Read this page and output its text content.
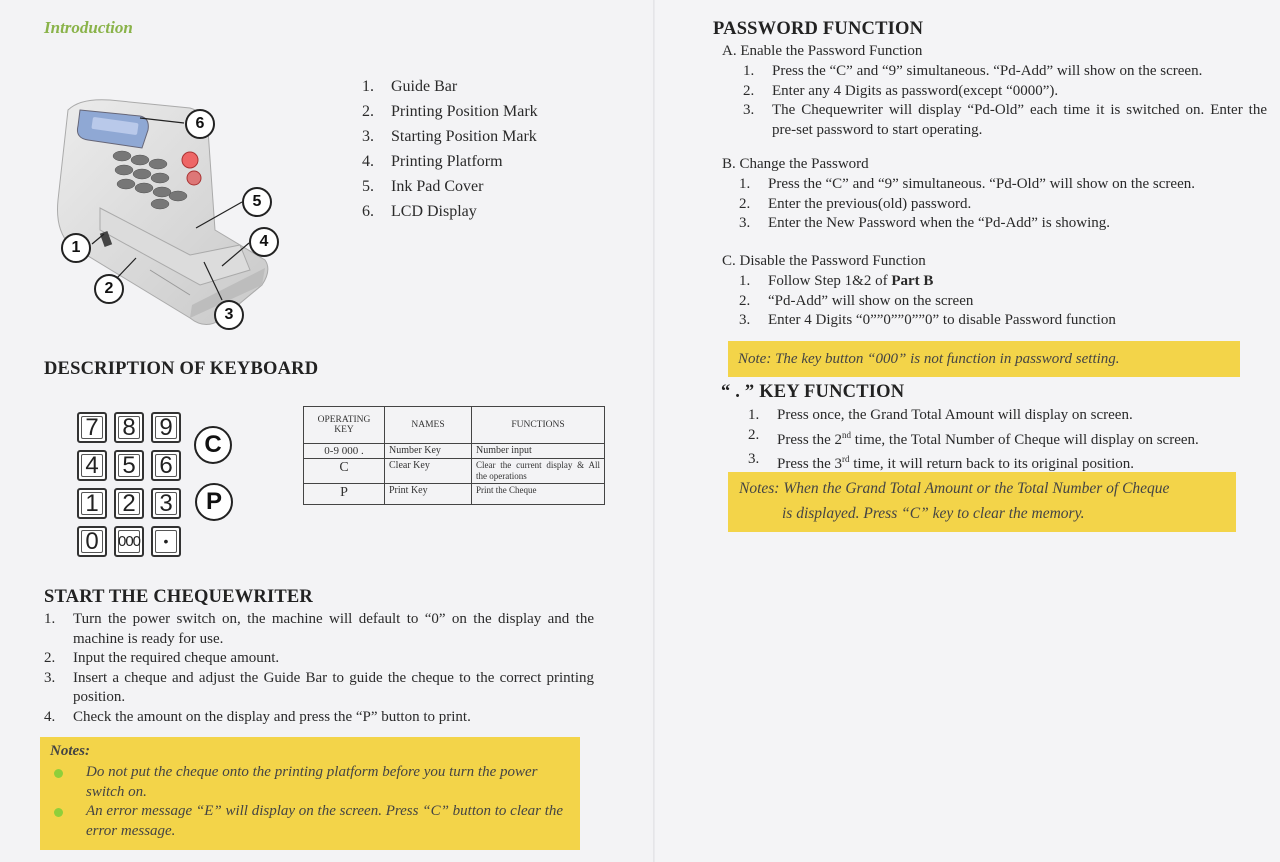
Introduction
6
5
4
1
2
3
1. Guide Bar
2. Printing Position Mark
3. Starting Position Mark
4. Printing Platform
5. Ink Pad Cover
6. LCD Display
DESCRIPTION OF KEYBOARD
7 8 9
4 5 6
1 2 3
0	000	•
C
P
OPERATING KEY	NAMES	FUNCTIONS
0-9 000 .	Number Key	Number input
C	Clear Key	Clear the current display & All the operations
P	Print Key	Print the Cheque
START THE CHEQUEWRITER
1. Turn the power switch on, the machine will default to “0” on the display and the machine is ready for use.
2. Input the required cheque amount.
3. Insert a cheque and adjust the Guide Bar to guide the cheque to the correct printing position.
4. Check the amount on the display and press the “P” button to print.
Notes:
Do not put the cheque onto the printing platform before you turn the power switch on.
An error message “E” will display on the screen. Press “C” button to clear the error message.
PASSWORD FUNCTION
A. Enable the Password Function
1. Press the “C” and “9” simultaneous. “Pd-Add” will show on the screen.
2. Enter any 4 Digits as password(except “0000”).
3. The Chequewriter will display “Pd-Old” each time it is switched on. Enter the pre-set password to start operating.
B. Change the Password
1. Press the “C” and “9” simultaneous. “Pd-Old” will show on the screen.
2. Enter the previous(old) password.
3. Enter the New Password when the “Pd-Add” is showing.
C. Disable the Password Function
1. Follow Step 1&2 of Part B
2. “Pd-Add” will show on the screen
3. Enter 4 Digits “0””0””0””0” to disable Password function
Note: The key button “000” is not function in password setting.
“ . ” KEY FUNCTION
1. Press once, the Grand Total Amount will display on screen.
2. Press the 2nd time, the Total Number of Cheque will display on screen.
3. Press the 3rd time, it will return back to its original position.
Notes: When the Grand Total Amount or the Total Number of Cheque
is displayed. Press “C” key to clear the memory.
